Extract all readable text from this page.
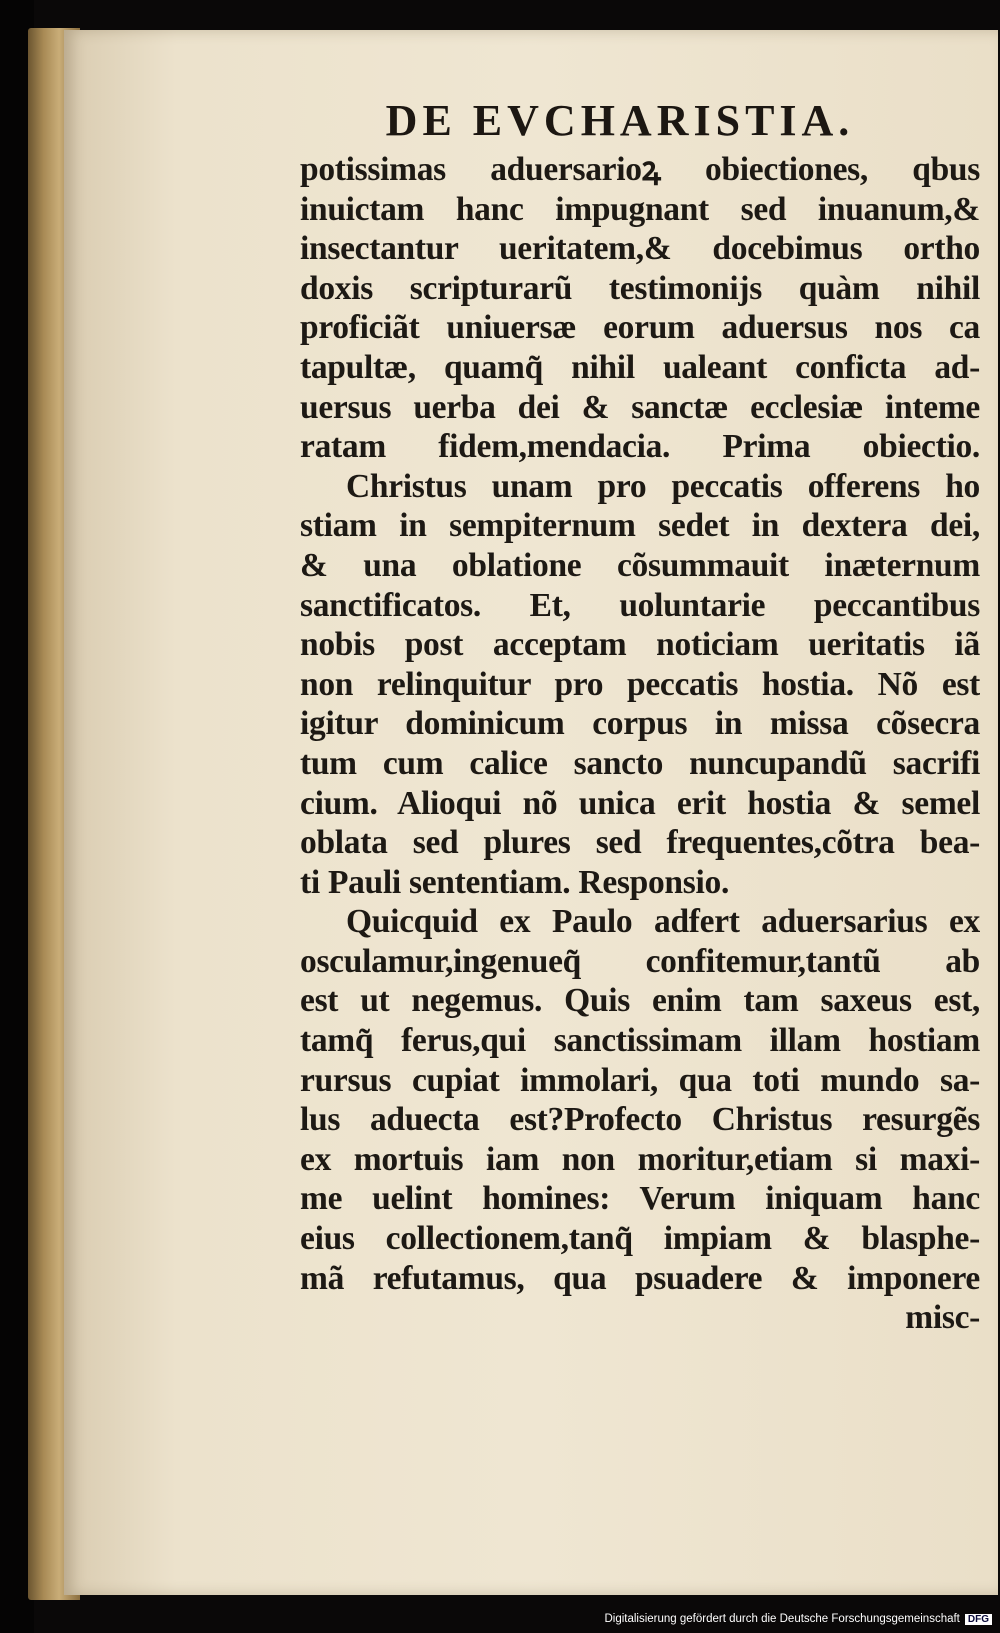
DE EVCHARISTIA.
potissimas aduersarioꝝ obiectiones, qbus
inuictam hanc impugnant sed inuanum,&
insectantur ueritatem,& docebimus ortho
doxis scripturarũ testimonijs quàm nihil
proficiãt uniuersæ eorum aduersus nos ca
tapultæ, quamq̃ nihil ualeant conficta ad-
uersus uerba dei & sanctæ ecclesiæ inteme
ratam fidem,mendacia. Prima obiectio.
Christus unam pro peccatis offerens ho
stiam in sempiternum sedet in dextera dei,
& una oblatione cõsummauit inæternum
sanctificatos. Et, uoluntarie peccantibus
nobis post acceptam noticiam ueritatis iã
non relinquitur pro peccatis hostia. Nõ est
igitur dominicum corpus in missa cõsecra
tum cum calice sancto nuncupandũ sacrifi
cium. Alioqui nõ unica erit hostia & semel
oblata sed plures sed frequentes,cõtra bea-
ti Pauli sententiam. Responsio.
Quicquid ex Paulo adfert aduersarius ex
osculamur,ingenueq̃ confitemur,tantũ ab
est ut negemus. Quis enim tam saxeus est,
tamq̃ ferus,qui sanctissimam illam hostiam
rursus cupiat immolari, qua toti mundo sa-
lus aduecta est?Profecto Christus resurgẽs
ex mortuis iam non moritur,etiam si maxi-
me uelint homines: Verum iniquam hanc
eius collectionem,tanq̃ impiam & blasphe-
mã refutamus, qua psuadere & imponere
misc-
Digitalisierung gefördert durch die Deutsche Forschungsgemeinschaft DFG
